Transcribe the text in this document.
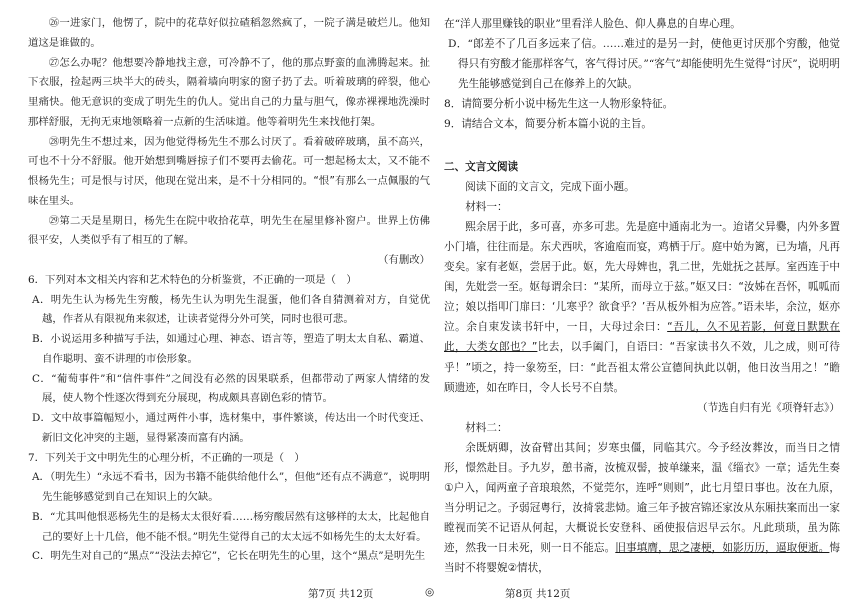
㉖一进家门，他愣了，院中的花草好似拉碴稻忽然疯了，一院子满是破烂儿。他知道这是谁做的。

㉗怎么办呢？他想要冷静地找主意，可冷静不了，他的那点野蛮的血沸腾起来。扯下衣服，捡起两三块半大的砖头，隔着墙向明家的窗子扔了去。听着玻璃的碎裂，他心里痛快。他无意识的变成了明先生的仇人。觉出自己的力量与胆气，像赤裸裸地洗澡时那样舒服，无拘无束地领略着一点新的生活味道。他等着明先生来找他打架。

㉘明先生不想过来，因为他觉得杨先生不那么讨厌了。看着破碎玻璃，虽不高兴，可也不十分不舒服。他开始想到嘴唇掠子们不要再去偷花。可一想起杨太太，又不能不恨杨先生；可是恨与讨厌，他现在觉出来，是不十分相同的。“恨”有那么一点佩服的气味在里头。

㉙第二天是星期日，杨先生在院中收拾花草，明先生在屋里修补窗户。世界上仿佛很平安，人类似乎有了相互的了解。

（有删改）

6．下列对本文相关内容和艺术特色的分析鉴赏，不正确的一项是（　）

A．明先生认为杨先生穷酸，杨先生认为明先生混蛋，他们各自猜测着对方，自觉优越，作者从有限视角来叙述，让读者觉得分外可笑，同时也很可悲。

B．小说运用多种描写手法，如通过心理、神态、语言等，塑造了明太太自私、霸道、自作聪明、蛮不讲理的市侩形象。

C．“葡萄事件”和“信件事件”之间没有必然的因果联系，但都带动了两家人情绪的发展，使人物个性逐次得到充分展现，构成颇具喜剧色彩的情节。

D．文中故事篇幅短小，通过两件小事，选材集中，事件繁谈，传达出一个时代变迁、新旧文化冲突的主题，显得紧凑而富有内涵。

7．下列关于文中明先生的心理分析，不正确的一项是（　）

A．（明先生）“永远不看书，因为书籍不能供给他什么”，但他“还有点不满意”，说明明先生能够感觉到自己在知识上的欠缺。

B．“尤其叫他恨恶杨先生的是杨太太很好看……杨穷酸居然有这够样的太太，比起他自己的要好上十几倍，他不能不恨。”明先生觉得自己的太太远不如杨先生的太太好看。

C．明先生对自己的“黑点”“没法去掉它”，它长在明先生的心里，这个“黑点”是明先生

在“洋人那里赚钱的职业”里看洋人脸色、仰人鼻息的自卑心理。

D．“郎差不了几百多远来了信。……难过的是另一封，使他更讨厌那个穷酸，他觉得只有穷酸才能那样客气，客气得讨厌。”“客气”却能使明先生觉得“讨厌”，说明明先生能够感觉到自己在修养上的欠缺。

8．请简要分析小说中杨先生这一人物形象特征。

9．请结合文本，简要分析本篇小说的主旨。

二、文言文阅读

阅读下面的文言文，完成下面小题。

材料一：

熙余居于此，多可喜，亦多可悲。先是庭中通南北为一。迨诸父异爨，内外多置小门墙，往往而是。东犬西吠，客逾庖而宴，鸡栖于厅。庭中始为篱，已为墙，凡再变矣。家有老妪，尝居于此。妪，先大母婢也，乳二世，先妣抚之甚厚。室西连于中闺，先妣尝一至。妪每谓余曰：“某所，而母立于兹。”妪又曰：“汝姊在吾怀，呱呱而泣；娘以指叩门扉曰：‘儿寒乎？欲食乎？’吾从板外相为应答。”语未毕，余泣，妪亦泣。余自束发读书轩中，一日，大母过余曰：“吾儿，久不见若影，何竟日默默在此，大类女郎也？”比去，以手阖门，自语曰：“吾家读书久不效，儿之成，则可待乎！”顷之，持一象笏至，曰：“此吾祖太常公宣德间执此以朝，他日汝当用之！”瞻顾遗迹，如在昨日，令人长号不自禁。

（节选自归有光《项脊轩志》）

材料二：

余既炳卿，汝奋臂出其间；岁寒虫僵，同临其穴。今予经汝葬汝，而当日之情形，憬然赴目。予九岁，憩书斋，汝梳双髻，披单缣来，温《缁衣》一章；适先生奏①户入，闻两童子音琅琅然，不觉莞尔，连呼“则则”，此七月望日事也。汝在九原，当分明记之。予弱冠粤行，汝掎裳悲恸。逾三年予披宫锦还家汝从东厢扶案而出一家瞠视而笑不记语从何起，大概说长安登科、函使报信迟早云尔。凡此琐琐，虽为陈迹，然我一日未死，则一日不能忘。旧事填膺，思之凄梗，如影历历，逼取便逝。悔当时不将婴婗②情状，

第7页 共12页	◎	第8页 共12页
